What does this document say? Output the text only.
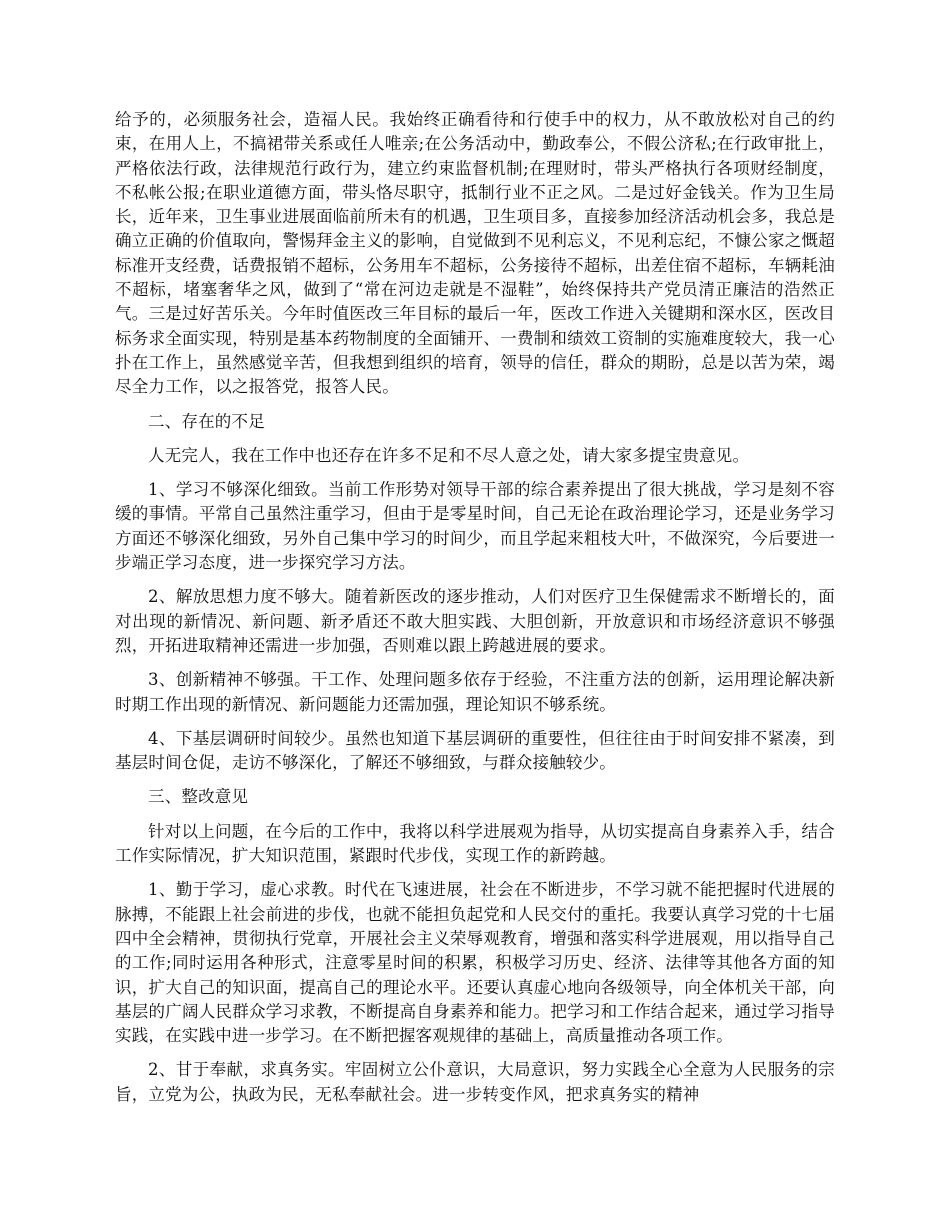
给予的，必须服务社会，造福人民。我始终正确看待和行使手中的权力，从不敢放松对自己的约束，在用人上，不搞裙带关系或任人唯亲;在公务活动中，勤政奉公，不假公济私;在行政审批上，严格依法行政，法律规范行政行为，建立约束监督机制;在理财时，带头严格执行各项财经制度，不私帐公报;在职业道德方面，带头恪尽职守，抵制行业不正之风。二是过好金钱关。作为卫生局长，近年来，卫生事业进展面临前所未有的机遇，卫生项目多，直接参加经济活动机会多，我总是确立正确的价值取向，警惕拜金主义的影响，自觉做到不见利忘义，不见利忘纪，不慷公家之慨超标准开支经费，话费报销不超标，公务用车不超标，公务接待不超标，出差住宿不超标，车辆耗油不超标，堵塞奢华之风，做到了“常在河边走就是不湿鞋”，始终保持共产党员清正廉洁的浩然正气。三是过好苦乐关。今年时值医改三年目标的最后一年，医改工作进入关键期和深水区，医改目标务求全面实现，特别是基本药物制度的全面铺开、一费制和绩效工资制的实施难度较大，我一心扑在工作上，虽然感觉辛苦，但我想到组织的培育，领导的信任，群众的期盼，总是以苦为荣，竭尽全力工作，以之报答党，报答人民。

二、存在的不足

人无完人，我在工作中也还存在许多不足和不尽人意之处，请大家多提宝贵意见。

1、学习不够深化细致。当前工作形势对领导干部的综合素养提出了很大挑战，学习是刻不容缓的事情。平常自己虽然注重学习，但由于是零星时间，自己无论在政治理论学习，还是业务学习方面还不够深化细致，另外自己集中学习的时间少，而且学起来粗枝大叶，不做深究，今后要进一步端正学习态度，进一步探究学习方法。

2、解放思想力度不够大。随着新医改的逐步推动，人们对医疗卫生保健需求不断增长的，面对出现的新情况、新问题、新矛盾还不敢大胆实践、大胆创新，开放意识和市场经济意识不够强烈，开拓进取精神还需进一步加强，否则难以跟上跨越进展的要求。

3、创新精神不够强。干工作、处理问题多依存于经验，不注重方法的创新，运用理论解决新时期工作出现的新情况、新问题能力还需加强，理论知识不够系统。

4、下基层调研时间较少。虽然也知道下基层调研的重要性，但往往由于时间安排不紧凑，到基层时间仓促，走访不够深化，了解还不够细致，与群众接触较少。

三、整改意见

针对以上问题，在今后的工作中，我将以科学进展观为指导，从切实提高自身素养入手，结合工作实际情况，扩大知识范围，紧跟时代步伐，实现工作的新跨越。

1、勤于学习，虚心求教。时代在飞速进展，社会在不断进步，不学习就不能把握时代进展的脉搏，不能跟上社会前进的步伐，也就不能担负起党和人民交付的重托。我要认真学习党的十七届四中全会精神，贯彻执行党章，开展社会主义荣辱观教育，增强和落实科学进展观，用以指导自己的工作;同时运用各种形式，注意零星时间的积累，积极学习历史、经济、法律等其他各方面的知识，扩大自己的知识面，提高自己的理论水平。还要认真虚心地向各级领导，向全体机关干部，向基层的广阔人民群众学习求教，不断提高自身素养和能力。把学习和工作结合起来，通过学习指导实践，在实践中进一步学习。在不断把握客观规律的基础上，高质量推动各项工作。

2、甘于奉献，求真务实。牢固树立公仆意识，大局意识，努力实践全心全意为人民服务的宗旨，立党为公，执政为民，无私奉献社会。进一步转变作风，把求真务实的精神
